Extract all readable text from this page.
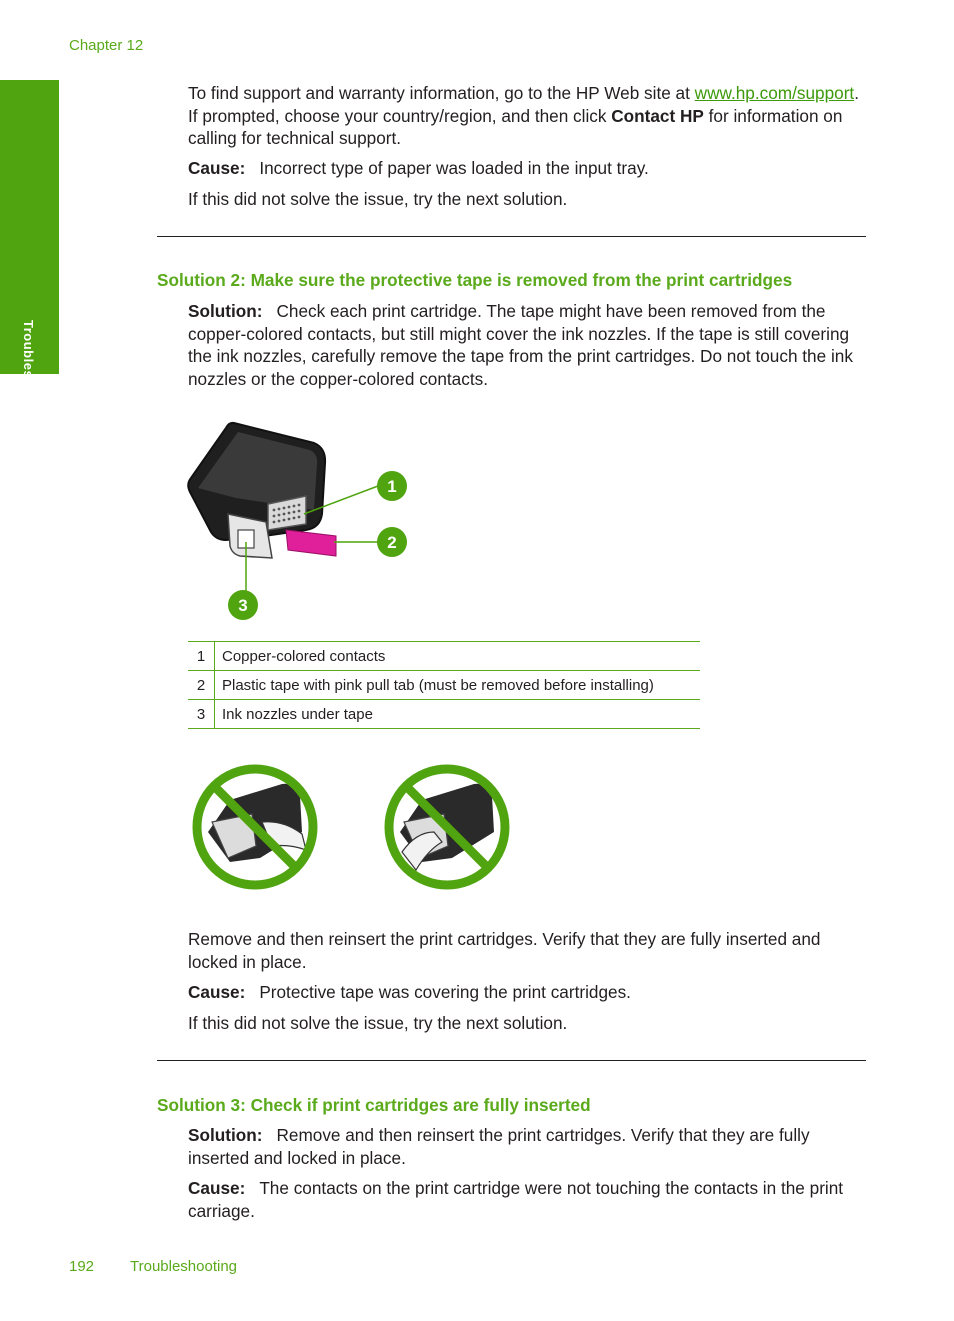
Chapter 12
Troubleshooting
To find support and warranty information, go to the HP Web site at www.hp.com/support. If prompted, choose your country/region, and then click Contact HP for information on calling for technical support.
Cause: Incorrect type of paper was loaded in the input tray.
If this did not solve the issue, try the next solution.
Solution 2: Make sure the protective tape is removed from the print cartridges
Solution: Check each print cartridge. The tape might have been removed from the copper-colored contacts, but still might cover the ink nozzles. If the tape is still covering the ink nozzles, carefully remove the tape from the print cartridges. Do not touch the ink nozzles or the copper-colored contacts.
1
2
3
1	Copper-colored contacts
2	Plastic tape with pink pull tab (must be removed before installing)
3	Ink nozzles under tape
Remove and then reinsert the print cartridges. Verify that they are fully inserted and locked in place.
Cause: Protective tape was covering the print cartridges.
If this did not solve the issue, try the next solution.
Solution 3: Check if print cartridges are fully inserted
Solution: Remove and then reinsert the print cartridges. Verify that they are fully inserted and locked in place.
Cause: The contacts on the print cartridge were not touching the contacts in the print carriage.
192 Troubleshooting
